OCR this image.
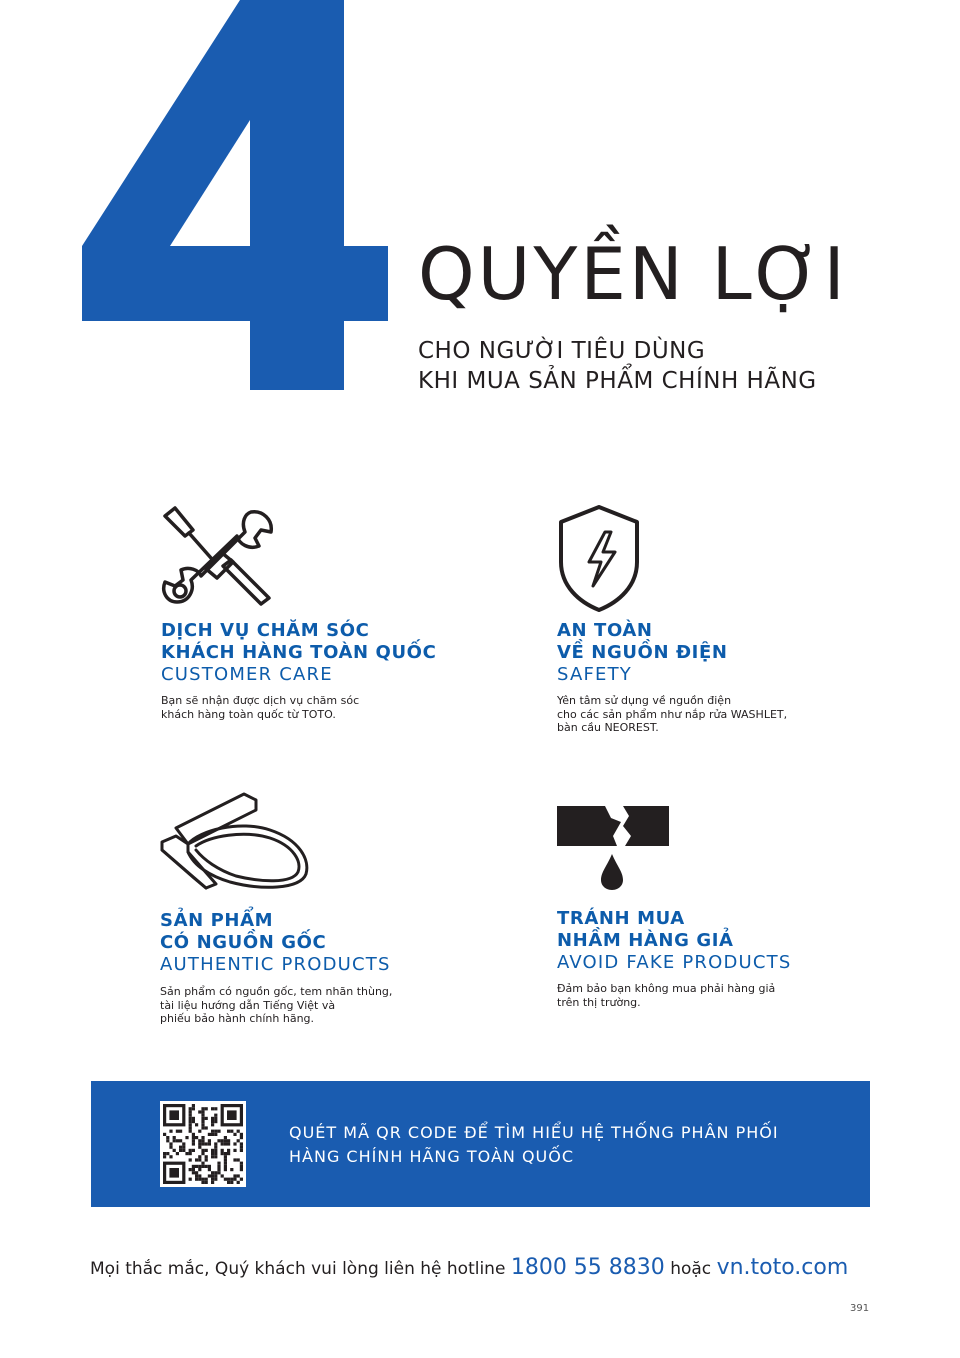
QUYỀN LỢI
CHO NGƯỜI TIÊU DÙNG
KHI MUA SẢN PHẨM CHÍNH HÃNG
DỊCH VỤ CHĂM SÓC
KHÁCH HÀNG TOÀN QUỐC
CUSTOMER CARE
Bạn sẽ nhận được dịch vụ chăm sóc
khách hàng toàn quốc từ TOTO.
AN TOÀN
VỀ NGUỒN ĐIỆN
SAFETY
Yên tâm sử dụng về nguồn điện
cho các sản phẩm như nắp rửa WASHLET,
bàn cầu NEOREST.
SẢN PHẨM
CÓ NGUỒN GỐC
AUTHENTIC PRODUCTS
Sản phẩm có nguồn gốc, tem nhãn thùng,
tài liệu hướng dẫn Tiếng Việt và
phiếu bảo hành chính hãng.
TRÁNH MUA
NHẦM HÀNG GIẢ
AVOID FAKE PRODUCTS
Đảm bảo bạn không mua phải hàng giả
trên thị trường.
QUÉT MÃ QR CODE ĐỂ TÌM HIỂU HỆ THỐNG PHÂN PHỐI
HÀNG CHÍNH HÃNG TOÀN QUỐC
Mọi thắc mắc, Quý khách vui lòng liên hệ hotline 1800 55 8830 hoặc vn.toto.com
391
